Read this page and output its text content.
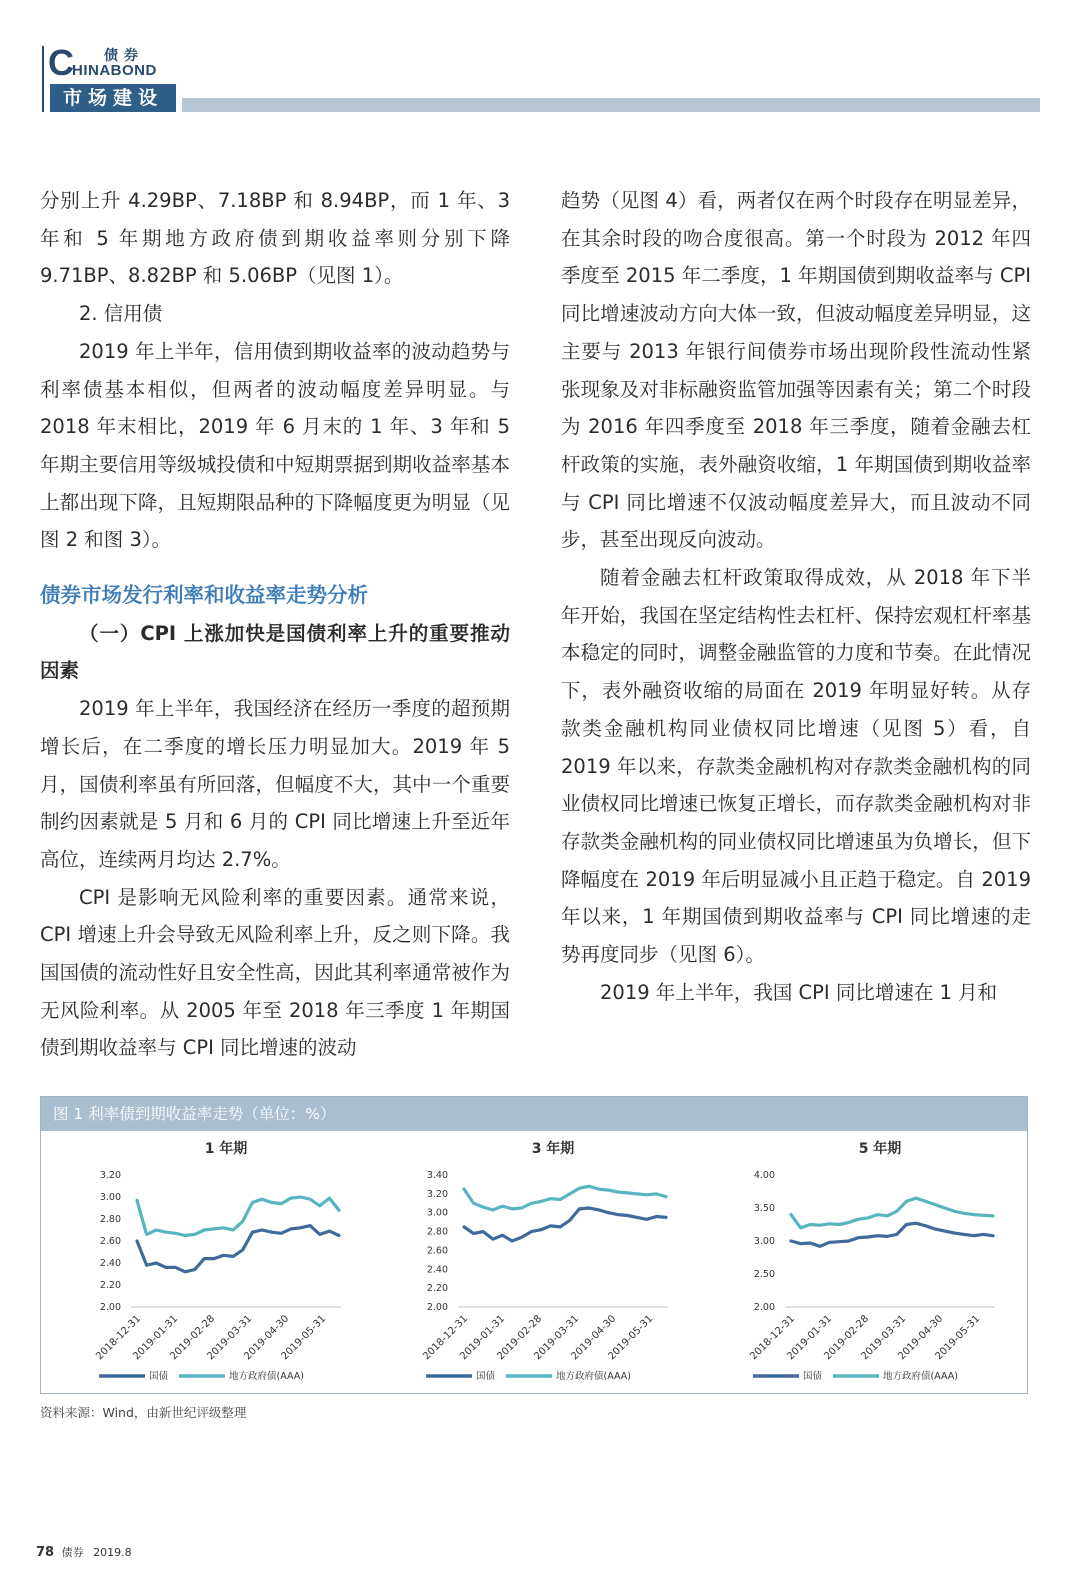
C 债券
HINABOND
市场建设

分别上升 4.29BP、7.18BP 和 8.94BP，而 1 年、3 年和 5 年期地方政府债到期收益率则分别下降 9.71BP、8.82BP 和 5.06BP（见图 1）。

2. 信用债

2019 年上半年，信用债到期收益率的波动趋势与利率债基本相似，但两者的波动幅度差异明显。与 2018 年末相比，2019 年 6 月末的 1 年、3 年和 5 年期主要信用等级城投债和中短期票据到期收益率基本上都出现下降，且短期限品种的下降幅度更为明显（见图 2 和图 3）。

债券市场发行利率和收益率走势分析

（一）CPI 上涨加快是国债利率上升的重要推动因素

2019 年上半年，我国经济在经历一季度的超预期增长后，在二季度的增长压力明显加大。2019 年 5 月，国债利率虽有所回落，但幅度不大，其中一个重要制约因素就是 5 月和 6 月的 CPI 同比增速上升至近年高位，连续两月均达 2.7%。

CPI 是影响无风险利率的重要因素。通常来说，CPI 增速上升会导致无风险利率上升，反之则下降。我国国债的流动性好且安全性高，因此其利率通常被作为无风险利率。从 2005 年至 2018 年三季度 1 年期国债到期收益率与 CPI 同比增速的波动

趋势（见图 4）看，两者仅在两个时段存在明显差异，在其余时段的吻合度很高。第一个时段为 2012 年四季度至 2015 年二季度，1 年期国债到期收益率与 CPI 同比增速波动方向大体一致，但波动幅度差异明显，这主要与 2013 年银行间债券市场出现阶段性流动性紧张现象及对非标融资监管加强等因素有关；第二个时段为 2016 年四季度至 2018 年三季度，随着金融去杠杆政策的实施，表外融资收缩，1 年期国债到期收益率与 CPI 同比增速不仅波动幅度差异大，而且波动不同步，甚至出现反向波动。

随着金融去杠杆政策取得成效，从 2018 年下半年开始，我国在坚定结构性去杠杆、保持宏观杠杆率基本稳定的同时，调整金融监管的力度和节奏。在此情况下，表外融资收缩的局面在 2019 年明显好转。从存款类金融机构同业债权同比增速（见图 5）看，自 2019 年以来，存款类金融机构对存款类金融机构的同业债权同比增速已恢复正增长，而存款类金融机构对非存款类金融机构的同业债权同比增速虽为负增长，但下降幅度在 2019 年后明显减小且正趋于稳定。自 2019 年以来，1 年期国债到期收益率与 CPI 同比增速的走势再度同步（见图 6）。

2019 年上半年，我国 CPI 同比增速在 1 月和

图 1 利率债到期收益率走势（单位：%）
1 年期
2.00
2.20
2.40
2.60
2.80
3.00
3.20
2018-12-31
2019-01-31
2019-02-28
2019-03-31
2019-04-30
2019-05-31
国债	地方政府债(AAA)
3 年期
2.00
2.20
2.40
2.60
2.80
3.00
3.20
3.40
2018-12-31
2019-01-31
2019-02-28
2019-03-31
2019-04-30
2019-05-31
国债	地方政府债(AAA)
5 年期
2.00
2.50
3.00
3.50
4.00
2018-12-31
2019-01-31
2019-02-28
2019-03-31
2019-04-30
2019-05-31
国债	地方政府债(AAA)
资料来源：Wind，由新世纪评级整理
78 债券 2019.8
